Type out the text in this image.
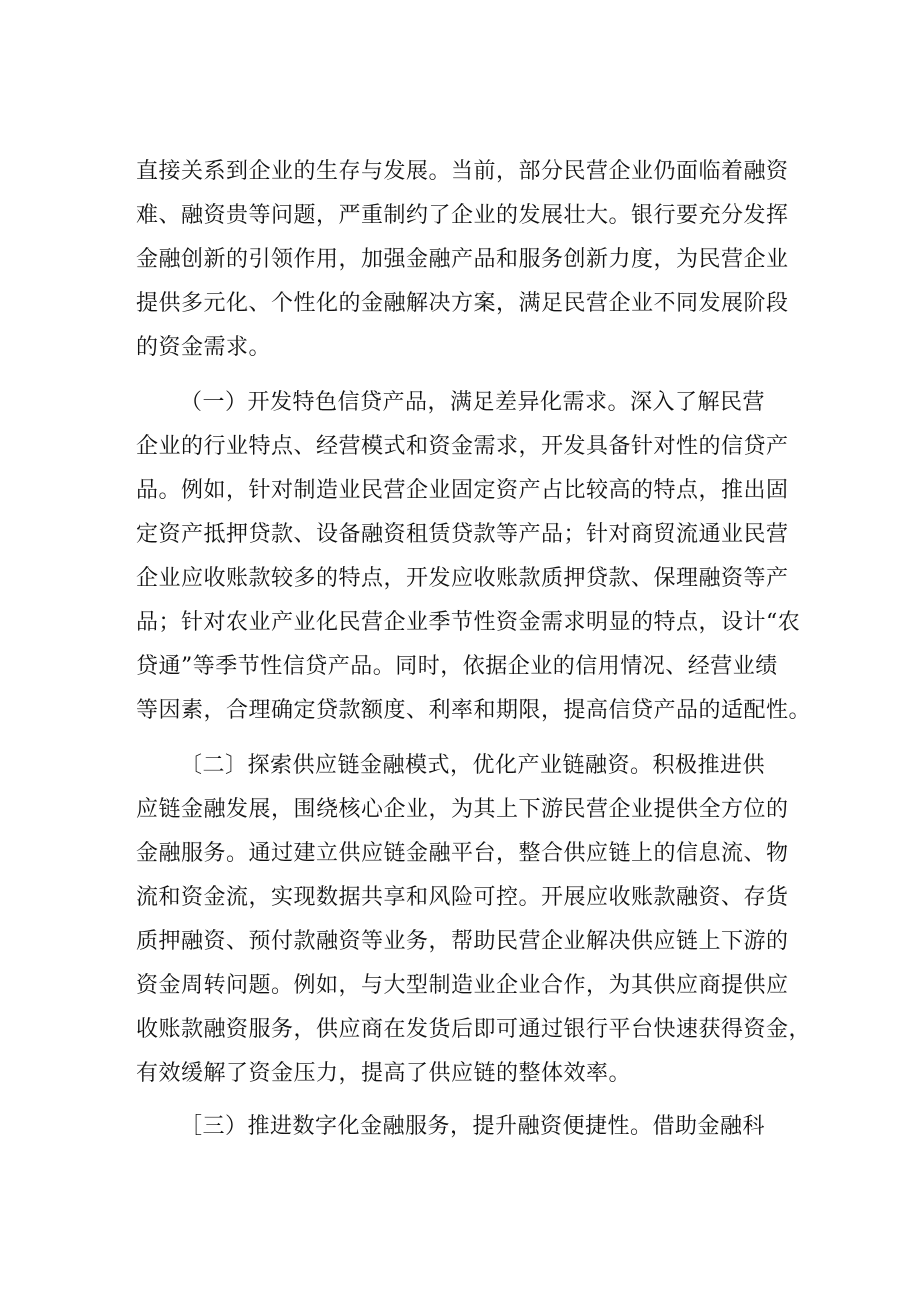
直接关系到企业的生存与发展。当前，部分民营企业仍面临着融资
难、融资贵等问题，严重制约了企业的发展壮大。银行要充分发挥
金融创新的引领作用，加强金融产品和服务创新力度，为民营企业
提供多元化、个性化的金融解决方案，满足民营企业不同发展阶段
的资金需求。
（一）开发特色信贷产品，满足差异化需求。深入了解民营
企业的行业特点、经营模式和资金需求，开发具备针对性的信贷产
品。例如，针对制造业民营企业固定资产占比较高的特点，推出固
定资产抵押贷款、设备融资租赁贷款等产品；针对商贸流通业民营
企业应收账款较多的特点，开发应收账款质押贷款、保理融资等产
品；针对农业产业化民营企业季节性资金需求明显的特点，设计“农
贷通”等季节性信贷产品。同时，依据企业的信用情况、经营业绩
等因素，合理确定贷款额度、利率和期限，提高信贷产品的适配性。
〔二〕探索供应链金融模式，优化产业链融资。积极推进供
应链金融发展，围绕核心企业，为其上下游民营企业提供全方位的
金融服务。通过建立供应链金融平台，整合供应链上的信息流、物
流和资金流，实现数据共享和风险可控。开展应收账款融资、存货
质押融资、预付款融资等业务，帮助民营企业解决供应链上下游的
资金周转问题。例如，与大型制造业企业合作，为其供应商提供应
收账款融资服务，供应商在发货后即可通过银行平台快速获得资金，
有效缓解了资金压力，提高了供应链的整体效率。
［三）推进数字化金融服务，提升融资便捷性。借助金融科
